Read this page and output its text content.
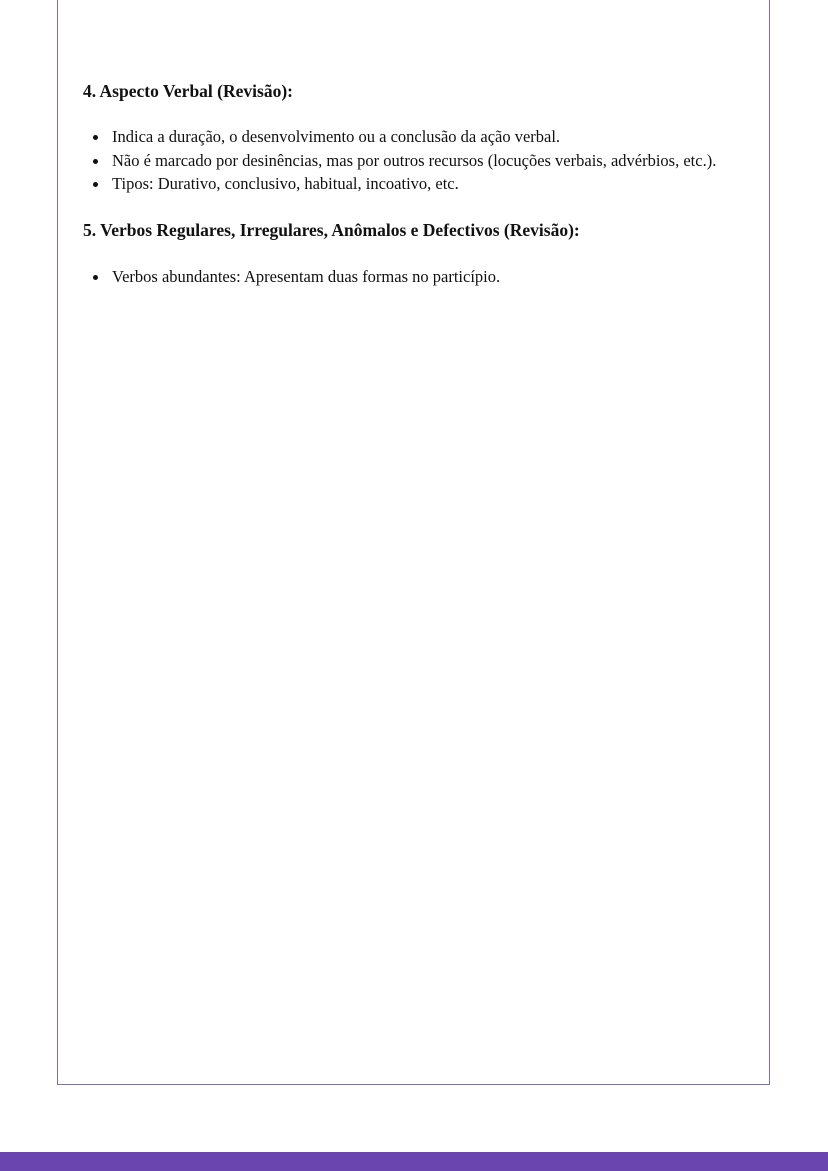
4. Aspecto Verbal (Revisão):
Indica a duração, o desenvolvimento ou a conclusão da ação verbal.
Não é marcado por desinências, mas por outros recursos (locuções verbais, advérbios, etc.).
Tipos: Durativo, conclusivo, habitual, incoativo, etc.
5. Verbos Regulares, Irregulares, Anômalos e Defectivos (Revisão):
Verbos abundantes: Apresentam duas formas no particípio.
